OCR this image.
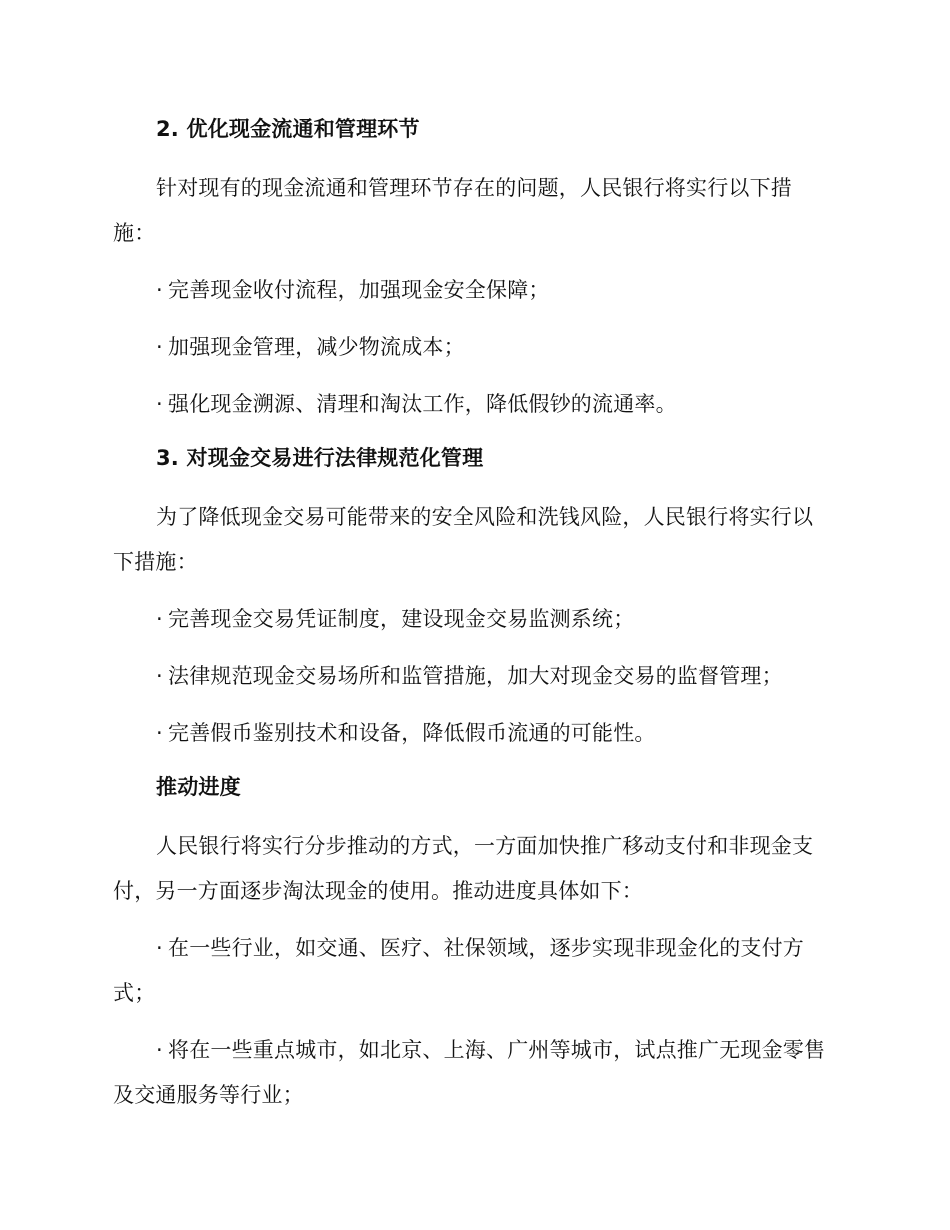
2. 优化现金流通和管理环节

针对现有的现金流通和管理环节存在的问题，人民银行将实行以下措施：

· 完善现金收付流程，加强现金安全保障；

· 加强现金管理，减少物流成本；

· 强化现金溯源、清理和淘汰工作，降低假钞的流通率。

3. 对现金交易进行法律规范化管理

为了降低现金交易可能带来的安全风险和洗钱风险，人民银行将实行以下措施：

· 完善现金交易凭证制度，建设现金交易监测系统；

· 法律规范现金交易场所和监管措施，加大对现金交易的监督管理；

· 完善假币鉴别技术和设备，降低假币流通的可能性。

推动进度

人民银行将实行分步推动的方式，一方面加快推广移动支付和非现金支付，另一方面逐步淘汰现金的使用。推动进度具体如下：

· 在一些行业，如交通、医疗、社保领域，逐步实现非现金化的支付方式；

· 将在一些重点城市，如北京、上海、广州等城市，试点推广无现金零售及交通服务等行业；
